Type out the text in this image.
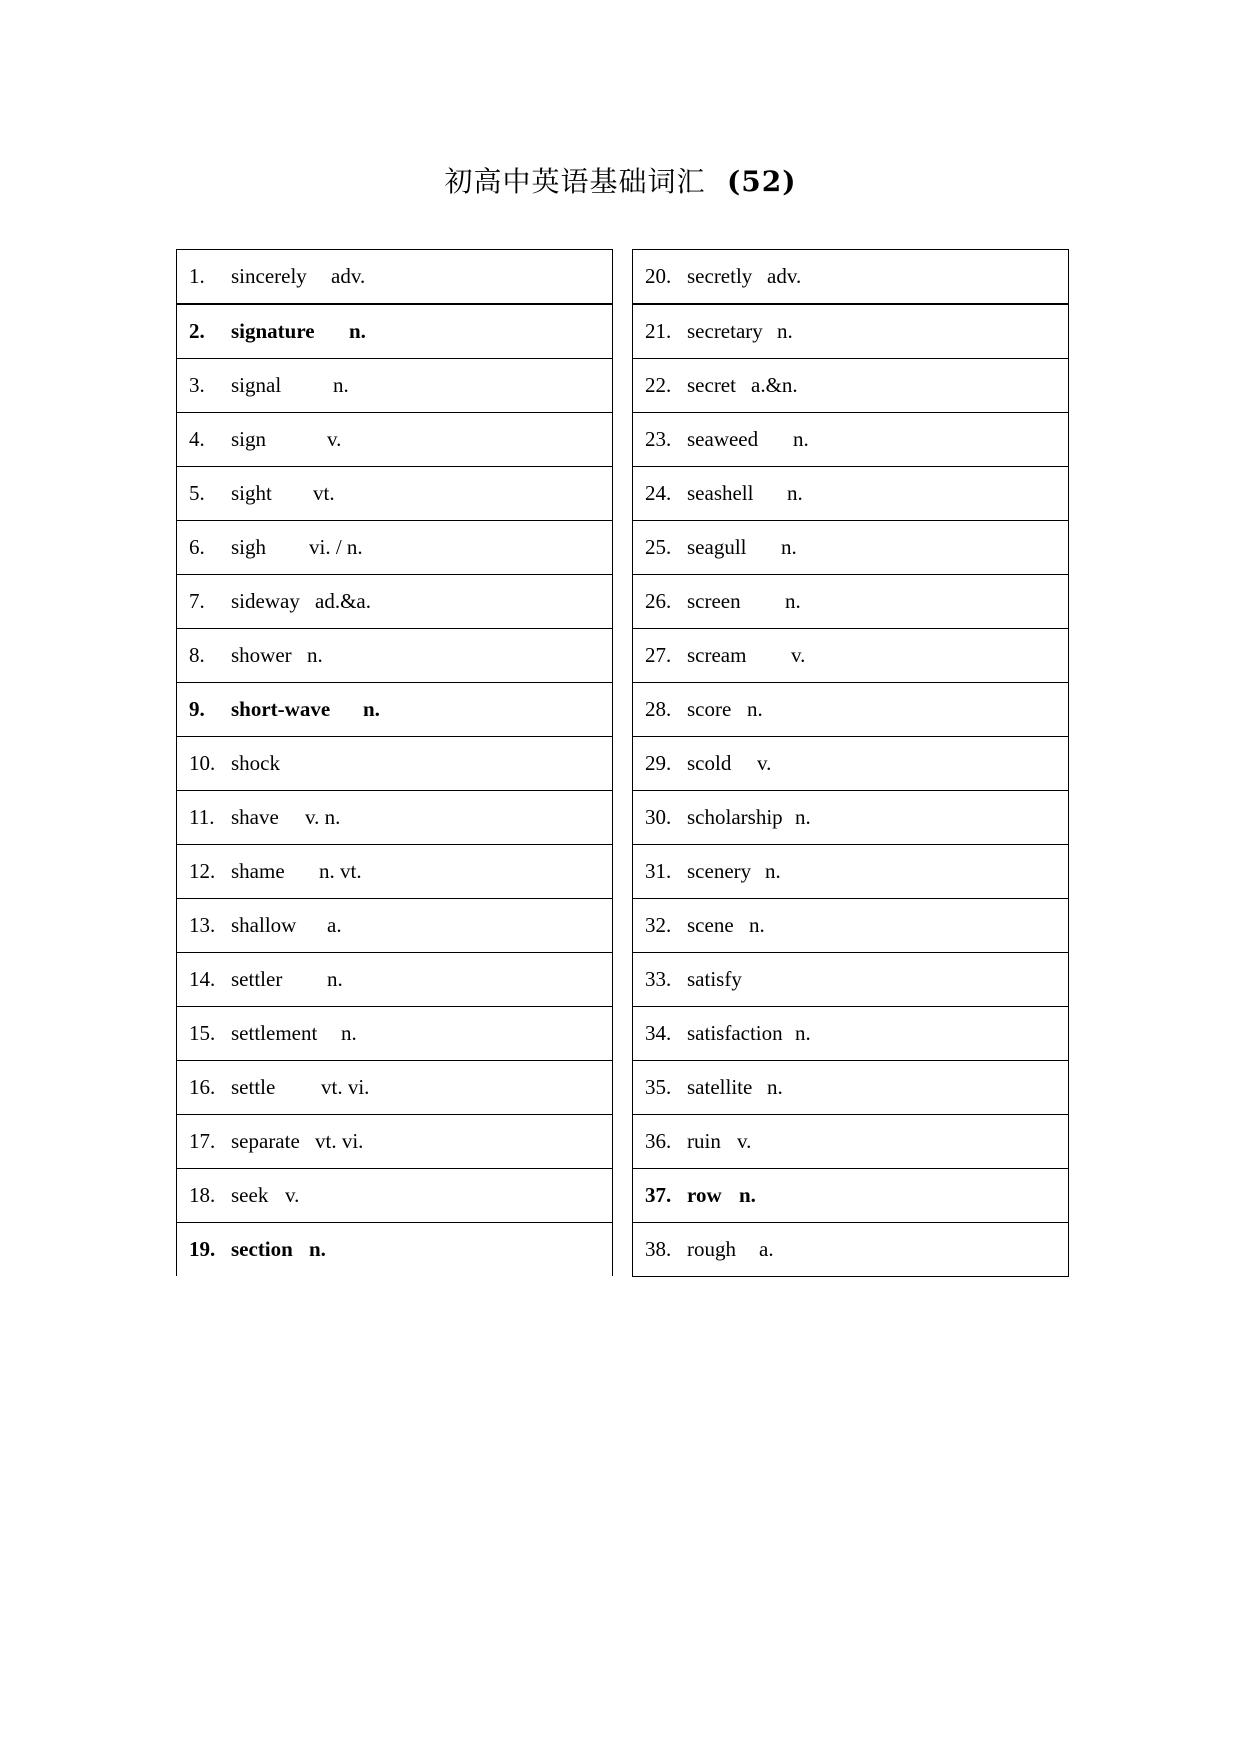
初高中英语基础词汇 (52)
1. sincerely adv.
2. signature n.
3. signal n.
4. sign	v.
5. sight vt.
6. sigh vi. / n.
7. sideway ad.&a.
8. shower n.
9. short-wave n.
10. shock
11. shave v. n.
12. shame n. vt.
13. shallow a.
14. settler n.
15. settlement n.
16. settle vt. vi.
17. separate vt. vi.
18. seek v.
19. section n.
20. secretly adv.
21. secretary n.
22. secret a.&n.
23. seaweed n.
24. seashell n.
25. seagull n.
26. screen n.
27. scream v.
28. score n.
29. scold v.
30. scholarship n.
31. scenery n.
32. scene n.
33. satisfy
34. satisfaction n.
35. satellite n.
36. ruin v.
37. row n.
38. rough a.
